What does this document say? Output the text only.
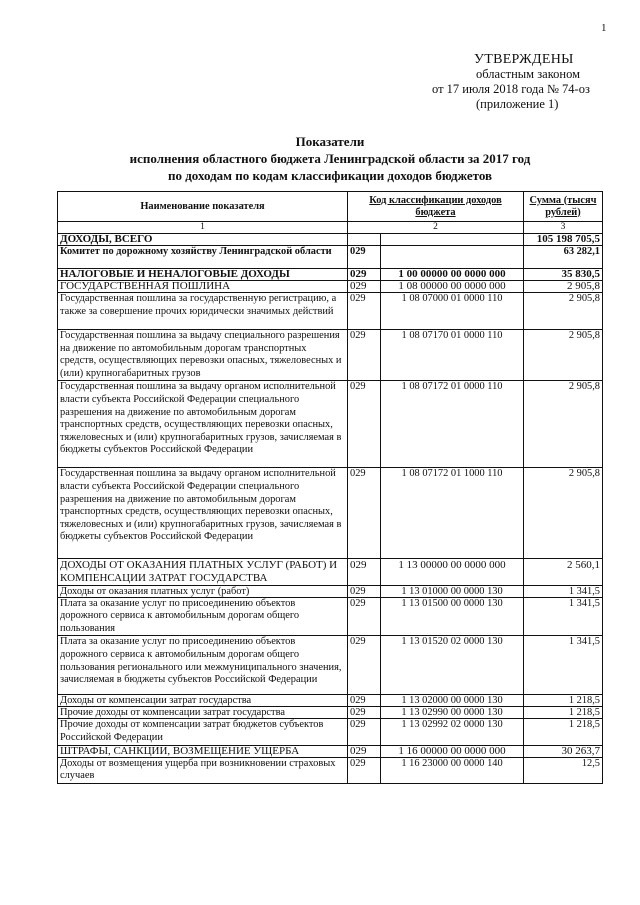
1
УТВЕРЖДЕНЫ
областным законом
от 17 июля 2018 года № 74-оз
(приложение 1)
Показатели
исполнения областного бюджета Ленинградской области за 2017 год
по доходам по кодам классификации доходов бюджетов
Наименование показателя	Код классификации доходов бюджета		Сумма (тысяч рублей)
1	2		3
ДОХОДЫ, ВСЕГО			105 198 705,5
Комитет по дорожному хозяйству Ленинградской области	029		63 282,1
НАЛОГОВЫЕ И НЕНАЛОГОВЫЕ ДОХОДЫ	029	1 00 00000 00 0000 000	35 830,5
ГОСУДАРСТВЕННАЯ ПОШЛИНА	029	1 08 00000 00 0000 000	2 905,8
Государственная пошлина за государственную регистрацию, а также за совершение прочих юридически значимых действий	029	1 08 07000 01 0000 110	2 905,8
Государственная пошлина за выдачу специального разрешения на движение по автомобильным дорогам транспортных средств, осуществляющих перевозки опасных, тяжеловесных и (или) крупногабаритных грузов	029	1 08 07170 01 0000 110	2 905,8
Государственная пошлина за выдачу органом исполнительной власти субъекта Российской Федерации специального разрешения на движение по автомобильным дорогам транспортных средств, осуществляющих перевозки опасных, тяжеловесных и (или) крупногабаритных грузов, зачисляемая в бюджеты субъектов Российской Федерации	029	1 08 07172 01 0000 110	2 905,8
Государственная пошлина за выдачу органом исполнительной власти субъекта Российской Федерации специального разрешения на движение по автомобильным дорогам транспортных средств, осуществляющих перевозки опасных, тяжеловесных и (или) крупногабаритных грузов, зачисляемая в бюджеты субъектов Российской Федерации	029	1 08 07172 01 1000 110	2 905,8
ДОХОДЫ ОТ ОКАЗАНИЯ ПЛАТНЫХ УСЛУГ (РАБОТ) И КОМПЕНСАЦИИ ЗАТРАТ ГОСУДАРСТВА	029	1 13 00000 00 0000 000	2 560,1
Доходы от оказания платных услуг (работ)	029	1 13 01000 00 0000 130	1 341,5
Плата за оказание услуг по присоединению объектов дорожного сервиса к автомобильным дорогам общего пользования	029	1 13 01500 00 0000 130	1 341,5
Плата за оказание услуг по присоединению объектов дорожного сервиса к автомобильным дорогам общего пользования регионального или межмуниципального значения, зачисляемая в бюджеты субъектов Российской Федерации	029	1 13 01520 02 0000 130	1 341,5
Доходы от компенсации затрат государства	029	1 13 02000 00 0000 130	1 218,5
Прочие доходы от компенсации затрат государства	029	1 13 02990 00 0000 130	1 218,5
Прочие доходы от компенсации затрат бюджетов субъектов Российской Федерации	029	1 13 02992 02 0000 130	1 218,5
ШТРАФЫ, САНКЦИИ, ВОЗМЕЩЕНИЕ УЩЕРБА	029	1 16 00000 00 0000 000	30 263,7
Доходы от возмещения ущерба при возникновении страховых случаев	029	1 16 23000 00 0000 140	12,5
